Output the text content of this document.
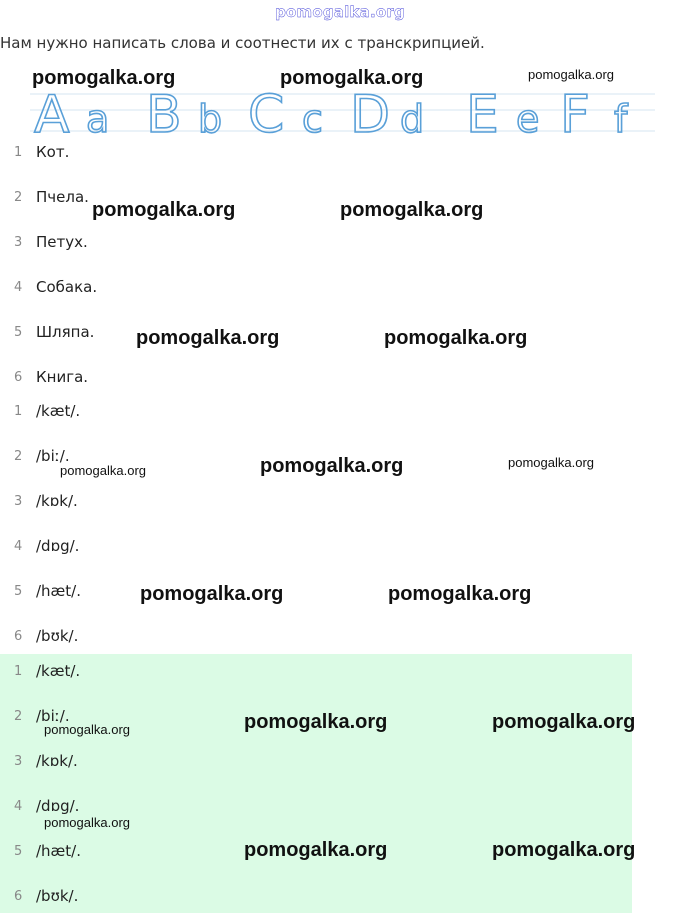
pomogalka.org
Нам нужно написать слова и соотнести их с транскрипцией.
A a B b C c D d E e F f
1 Кот.
2 Пчела.
3 Петух.
4 Собака.
5 Шляпа.
6 Книга.
1 /kæt/.
2 /biː/.
3 /kɒk/.
4 /dɒg/.
5 /hæt/.
6 /bʊk/.
1 /kæt/.
2 /biː/.
3 /kɒk/.
4 /dɒg/.
5 /hæt/.
6 /bʊk/.
pomogalka.org	pomogalka.org	pomogalka.org
pomogalka.org	pomogalka.org
pomogalka.org	pomogalka.org
pomogalka.org	pomogalka.org	pomogalka.org
pomogalka.org	pomogalka.org
pomogalka.org	pomogalka.org	pomogalka.org
pomogalka.org
pomogalka.org	pomogalka.org
